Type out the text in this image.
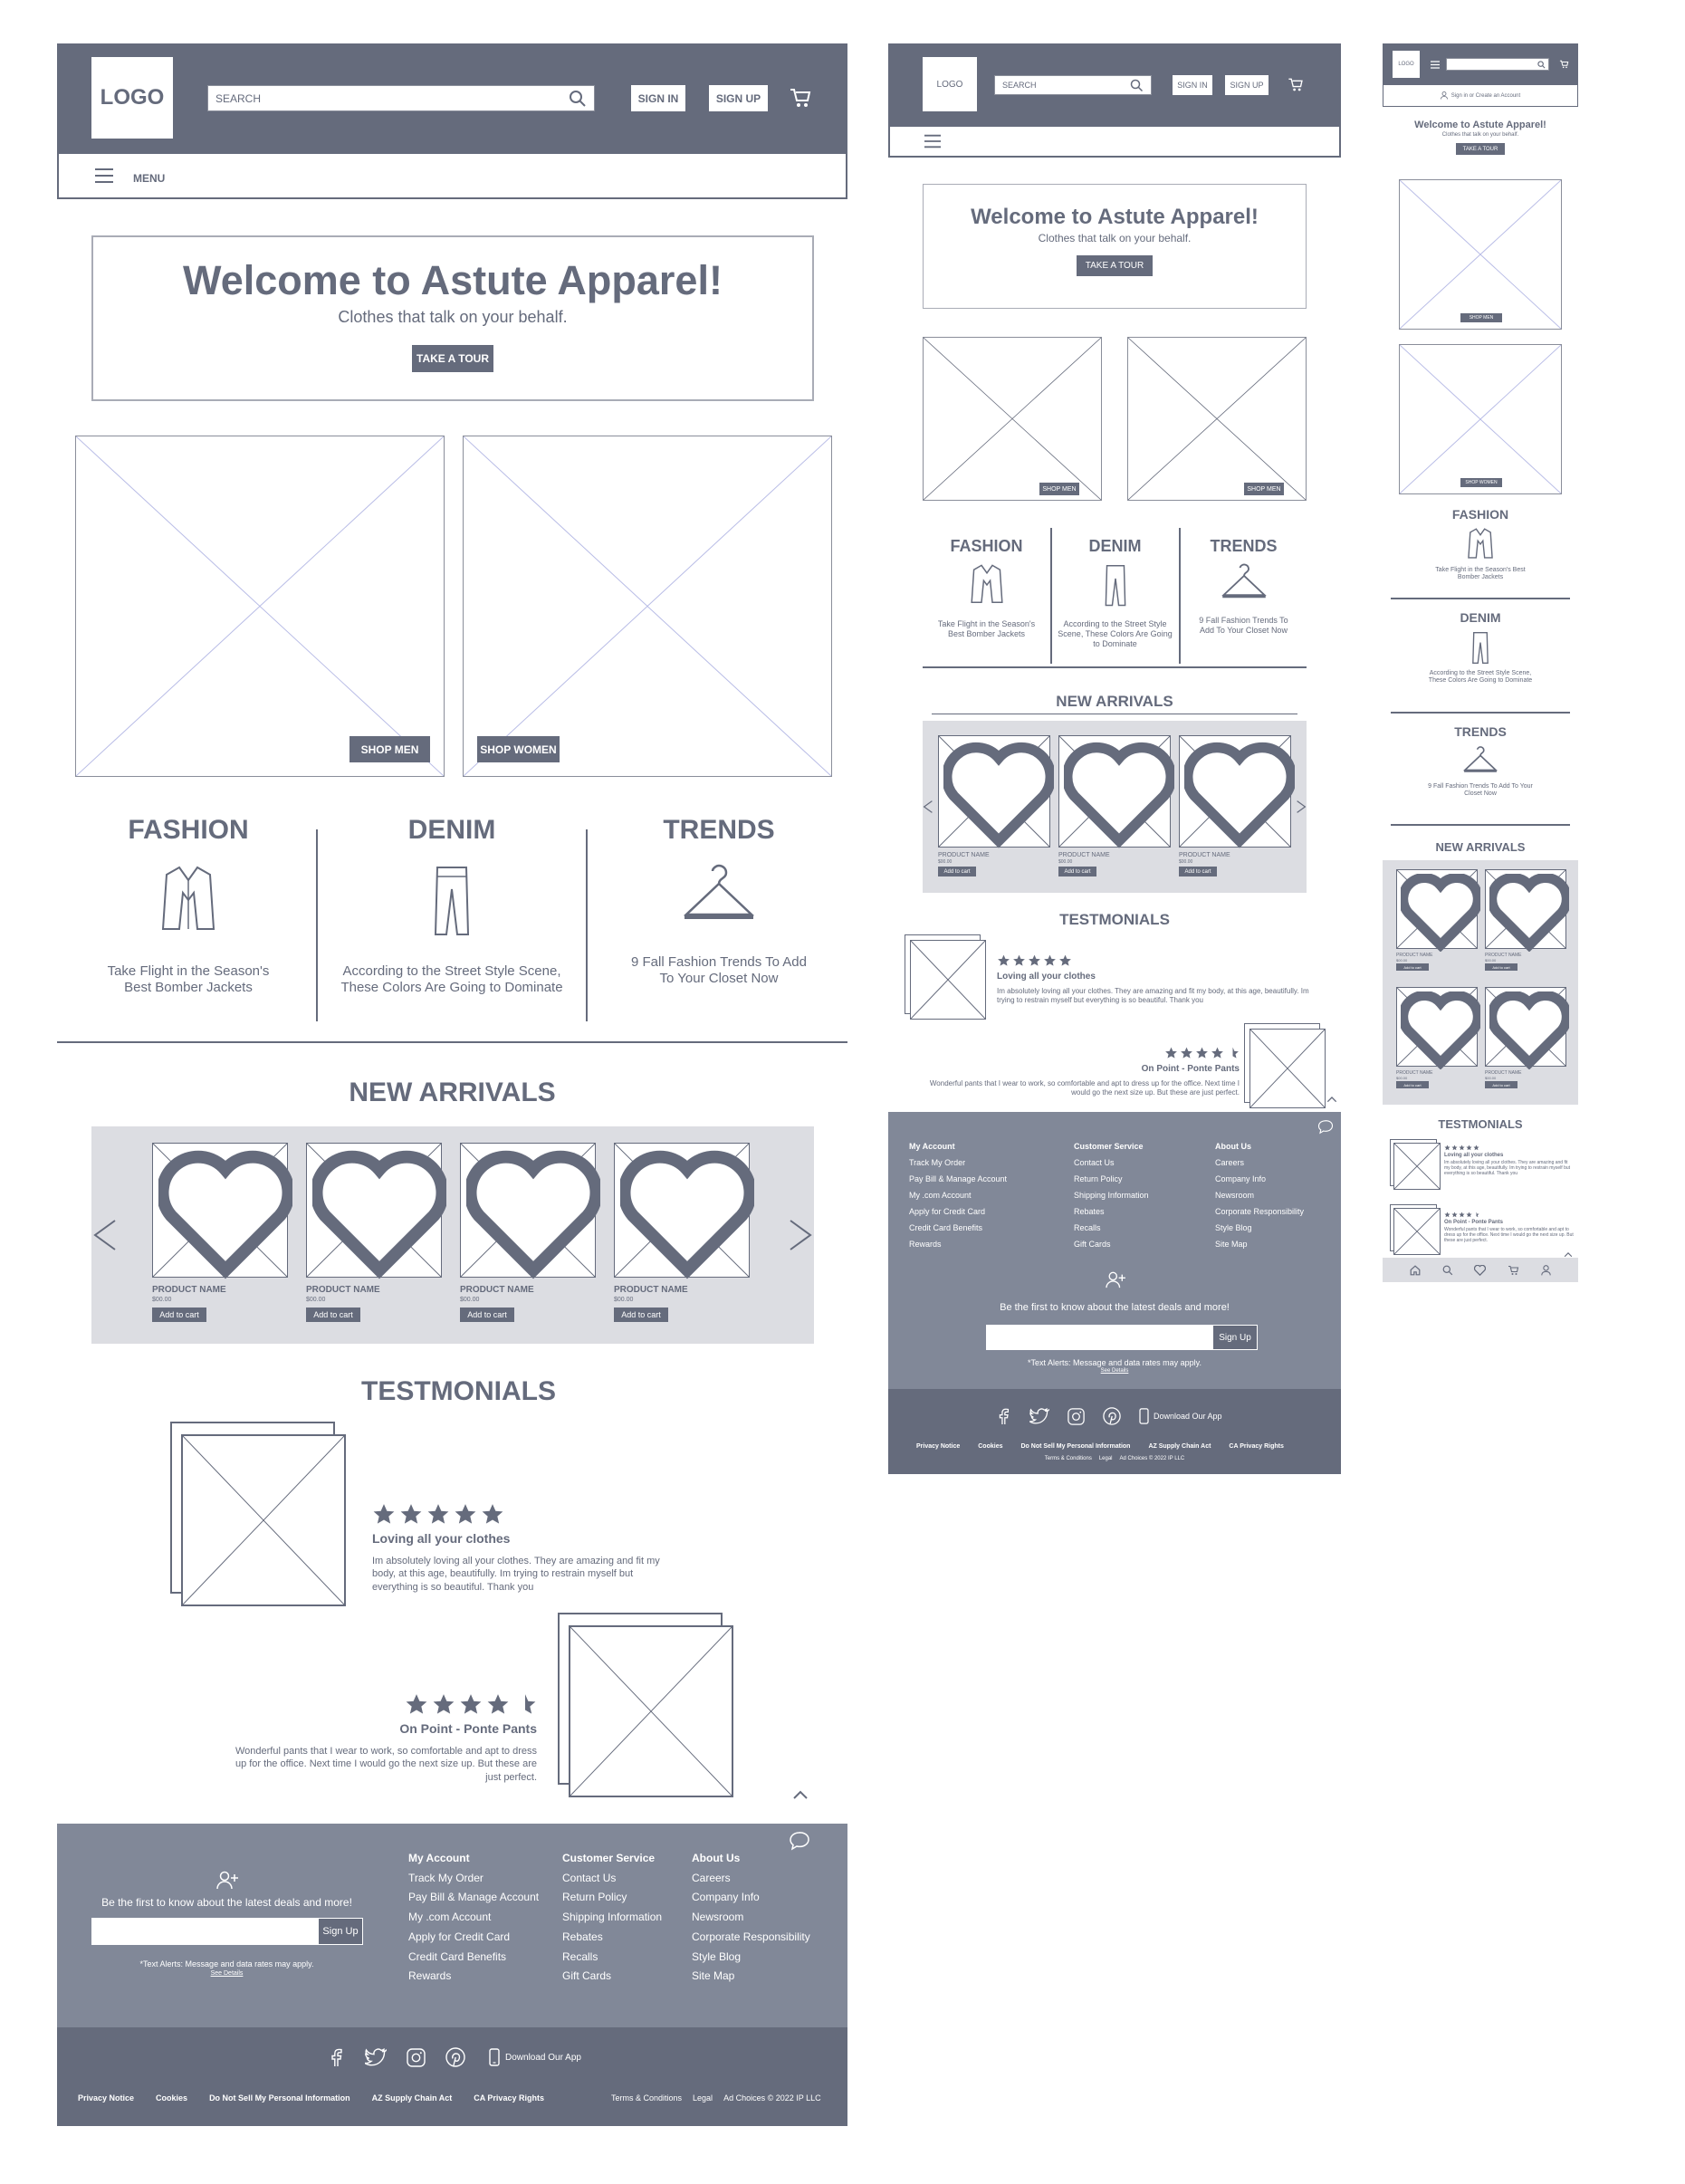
LOGO	SEARCH	SIGN IN	SIGN UP
MENU
Welcome to Astute Apparel!
Clothes that talk on your behalf.
TAKE A TOUR
SHOP MEN	SHOP WOMEN
FASHION

Take Flight in the Season's Best Bomber Jackets

DENIM

According to the Street Style Scene, These Colors Are Going to Dominate

TRENDS

9 Fall Fashion Trends To Add To Your Closet Now

NEW ARRIVALS
PRODUCT NAME
$00.00
Add to cart
PRODUCT NAME
$00.00
Add to cart
PRODUCT NAME
$00.00
Add to cart
PRODUCT NAME
$00.00
Add to cart
TESTMONIALS
Loving all your clothes
Im absolutely loving all your clothes. They are amazing and fit my body, at this age, beautifully. Im trying to restrain myself but everything is so beautiful. Thank you
On Point - Ponte Pants
Wonderful pants that I wear to work, so comfortable and apt to dress up for the office. Next time I would go the next size up. But these are just perfect.
Be the first to know about the latest deals and more!
Sign Up
*Text Alerts: Message and data rates may apply.
See Details
My Account
Track My Order
Pay Bill & Manage Account
My .com Account
Apply for Credit Card
Credit Card Benefits
Rewards
Customer Service
Contact Us
Return Policy
Shipping Information
Rebates
Recalls
Gift Cards
About Us
Careers
Company Info
Newsroom
Corporate Responsibility
Style Blog
Site Map
Download Our App
Privacy Notice	Cookies	Do Not Sell My Personal Information	AZ Supply Chain Act	CA Privacy Rights	Terms & Conditions Legal Ad Choices © 2022 IP LLC
LOGO	SEARCH	SIGN IN	SIGN UP
Welcome to Astute Apparel!
Clothes that talk on your behalf.
TAKE A TOUR
SHOP MEN	SHOP MEN
FASHION

Take Flight in the Season's Best Bomber Jackets

DENIM

According to the Street Style Scene, These Colors Are Going to Dominate

TRENDS

9 Fall Fashion Trends To Add To Your Closet Now

NEW ARRIVALS
PRODUCT NAME
$00.00
Add to cart
PRODUCT NAME
$00.00
Add to cart
PRODUCT NAME
$00.00
Add to cart
TESTMONIALS
Loving all your clothes
Im absolutely loving all your clothes. They are amazing and fit my body, at this age, beautifully. Im trying to restrain myself but everything is so beautiful. Thank you
On Point - Ponte Pants
Wonderful pants that I wear to work, so comfortable and apt to dress up for the office. Next time I would go the next size up. But these are just perfect.
My Account
Track My Order
Pay Bill & Manage Account
My .com Account
Apply for Credit Card
Credit Card Benefits
Rewards
Customer Service
Contact Us
Return Policy
Shipping Information
Rebates
Recalls
Gift Cards
About Us
Careers
Company Info
Newsroom
Corporate Responsibility
Style Blog
Site Map
Be the first to know about the latest deals and more!
Sign Up
*Text Alerts: Message and data rates may apply.
See Details
Download Our App
Privacy Notice	Cookies	Do Not Sell My Personal Information	AZ Supply Chain Act	CA Privacy Rights
Terms & Conditions Legal Ad Choices © 2022 IP LLC
LOGO
Sign in or Create an Account
Welcome to Astute Apparel!
Clothes that talk on your behalf.
TAKE A TOUR
SHOP MEN
SHOP WOMEN
FASHION

Take Flight in the Season's Best Bomber Jackets

DENIM

According to the Street Style Scene, These Colors Are Going to Dominate

TRENDS

9 Fall Fashion Trends To Add To Your Closet Now

NEW ARRIVALS
PRODUCT NAME
$00.00
Add to cart
PRODUCT NAME
$00.00
Add to cart
PRODUCT NAME
$00.00
Add to cart
PRODUCT NAME
$00.00
Add to cart
TESTMONIALS
Loving all your clothes
Im absolutely loving all your clothes. They are amazing and fit my body, at this age, beautifully. Im trying to restrain myself but everything is so beautiful. Thank you
On Point - Ponte Pants
Wonderful pants that I wear to work, so comfortable and apt to dress up for the office. Next time I would go the next size up. But these are just perfect.
